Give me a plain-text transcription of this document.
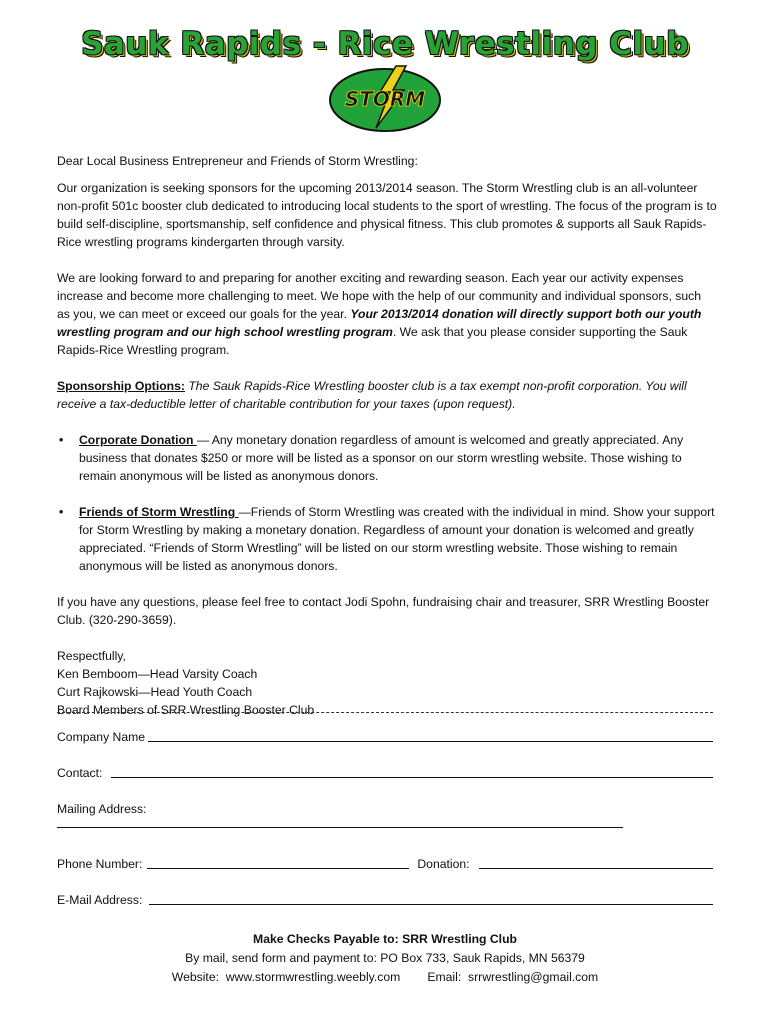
Sauk Rapids - Rice Wrestling Club
STORM

Dear Local Business Entrepreneur and Friends of Storm Wrestling:

Our organization is seeking sponsors for the upcoming 2013/2014 season. The Storm Wrestling club is an all-volunteer non-profit 501c booster club dedicated to introducing local students to the sport of wrestling. The focus of the program is to build self-discipline, sportsmanship, self confidence and physical fitness. This club promotes & supports all Sauk Rapids-Rice wrestling programs kindergarten through varsity.

We are looking forward to and preparing for another exciting and rewarding season. Each year our activity expenses increase and become more challenging to meet. We hope with the help of our community and individual sponsors, such as you, we can meet or exceed our goals for the year. Your 2013/2014 donation will directly support both our youth wrestling program and our high school wrestling program. We ask that you please consider supporting the Sauk Rapids-Rice Wrestling program.

Sponsorship Options: The Sauk Rapids-Rice Wrestling booster club is a tax exempt non-profit corporation. You will receive a tax-deductible letter of charitable contribution for your taxes (upon request).

• Corporate Donation — Any monetary donation regardless of amount is welcomed and greatly appreciated. Any business that donates $250 or more will be listed as a sponsor on our storm wrestling website. Those wishing to remain anonymous will be listed as anonymous donors.

• Friends of Storm Wrestling —Friends of Storm Wrestling was created with the individual in mind. Show your support for Storm Wrestling by making a monetary donation. Regardless of amount your donation is welcomed and greatly appreciated. “Friends of Storm Wrestling” will be listed on our storm wrestling website. Those wishing to remain anonymous will be listed as anonymous donors.

If you have any questions, please feel free to contact Jodi Spohn, fundraising chair and treasurer, SRR Wrestling Booster Club. (320-290-3659).

Respectfully,

Ken Bemboom—Head Varsity Coach

Curt Rajkowski—Head Youth Coach

Board Members of SRR Wrestling Booster Club

Company Name
Contact:
Mailing Address:
Phone Number:	Donation:
E-Mail Address:
Make Checks Payable to: SRR Wrestling Club
By mail, send form and payment to: PO Box 733, Sauk Rapids, MN 56379
Website:  www.stormwrestling.weebly.com        Email:  srrwrestling@gmail.com
